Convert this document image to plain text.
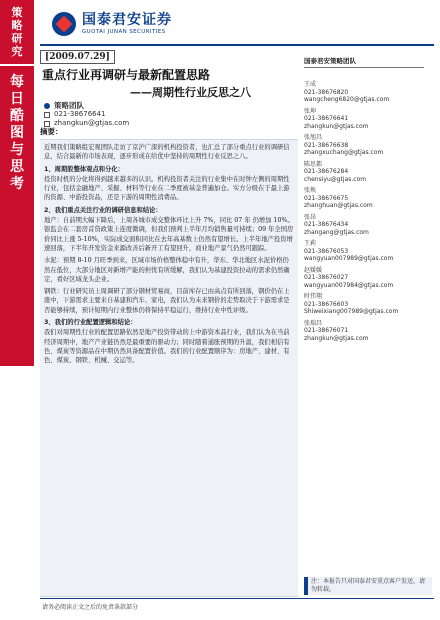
策
略
研
究
每
日
酷
图
与
思
考
国泰君安证券
GUOTAI JUNAN SECURITIES
[2009.07.29]
重点行业再调研与最新配置思路
——周期性行业反思之八
策略团队
021-38676641
zhangkun@gtjas.com
国泰君安策略团队
王成
021-38676820
wangcheng6820@gtjas.com
张坤
021-38676641
zhangkun@gtjas.com
张旭昌
021-38676638
zhangxuchang@gtjas.com
陈思都
021-38676284
chensiyu@gtjas.com
张焕
021-38676675
zhanghuan@gtjas.com
张昂
021-38676434
zhangang@gtjas.com
王莉
021-38676053
wangyuan007989@gtjas.com
赵媛媛
021-38676027
wangyuan007984@gtjas.com
时伟翔
021-38676603
Shiweixiang007989@gtjas.com
张瑞昌
021-38676071
zhangkun@gtjas.com
注：本报告只对国泰君安重点客户发送，请勿转载。
摘要：

近期我们策略组宏观团队走访了京沪广深的机构投资者，也汇总了部分重点行业的调研信息，结合最新的市场表现，逐步形成在给优中坚持的周期性行业反思之八。

1、周期股整体观点和分化：

投资时机的分化将得到越来越多的认识。机构投资者关注的行业集中在时钟左侧的周期性行业，包括金融地产、采掘、材料等行业在二季度被基金普遍加仓。实方分级在于最上游的资源、中游投资品，还是下游的周期性消费品。

2、我们重点关注行业的调研信息和结论：

地产：自前期大幅下降后，上周各城市成交整体环比上升 7%，同比 07 年 仍增加 10%。银监会在二套房首贷政策上连度微调，但我们预判上半年月均销售量可持续；09 年全国房价同比上涨 5-10%，实际成交面积同比在去年高基数上仍然有望增长。上半年地产投资增速回落，下半年开发资金来源改善后新开工有望回升，商业地产景气仍然可跟踪。

水泥：预期 8-10 月旺季到来，区域市场价格整体稳中有升，华东、华北地区水泥价格仍然在低位，大部分地区对新增产能的担忧有所缓解，我们认为基建投资拉动的需求仍然确定，看好区域龙头企业。

钢铁：行业研究员上周调研了部分钢材贸易商，目前库存已由高点有所回落，钢价仍在上涨中，下游需求主要来自基建和汽车、家电，我们认为未来钢价的走势取决于下游需求是否能够持续，预计短期内行业整体仍将保持平稳运行，维持行业中性评级。

3、我们的行业配置逻辑和结论：

我们对周期性行业的配置思路依然是地产投资带动的上中游资本品行业，我们认为在当前经济周期中，地产产业链仍然是最重要的驱动力；同时随着通胀预期的升温，我们相信有色、煤炭等资源品在中期仍然具备配置价值。我们的行业配置顺序为：房地产、建材、有色、煤炭、钢铁、机械、交运等。

请务必阅读正文之后的免责条款部分
